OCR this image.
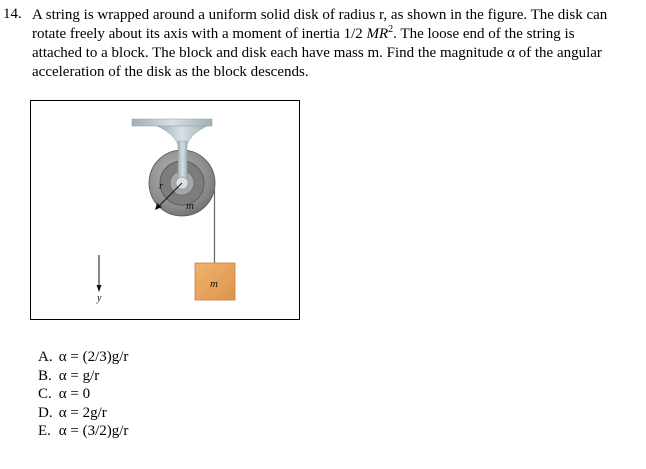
14. A string is wrapped around a uniform solid disk of radius r, as shown in the figure. The disk can
rotate freely about its axis with a moment of inertia 1/2 $MR^2$. The loose end of the string is
attached to a block. The block and disk each have mass m. Find the magnitude α of the angular
acceleration of the disk as the block descends.
r
m
m
y
A. α = (2/3)g/r
B. α = g/r
C. α = 0
D. α = 2g/r
E. α = (3/2)g/r
